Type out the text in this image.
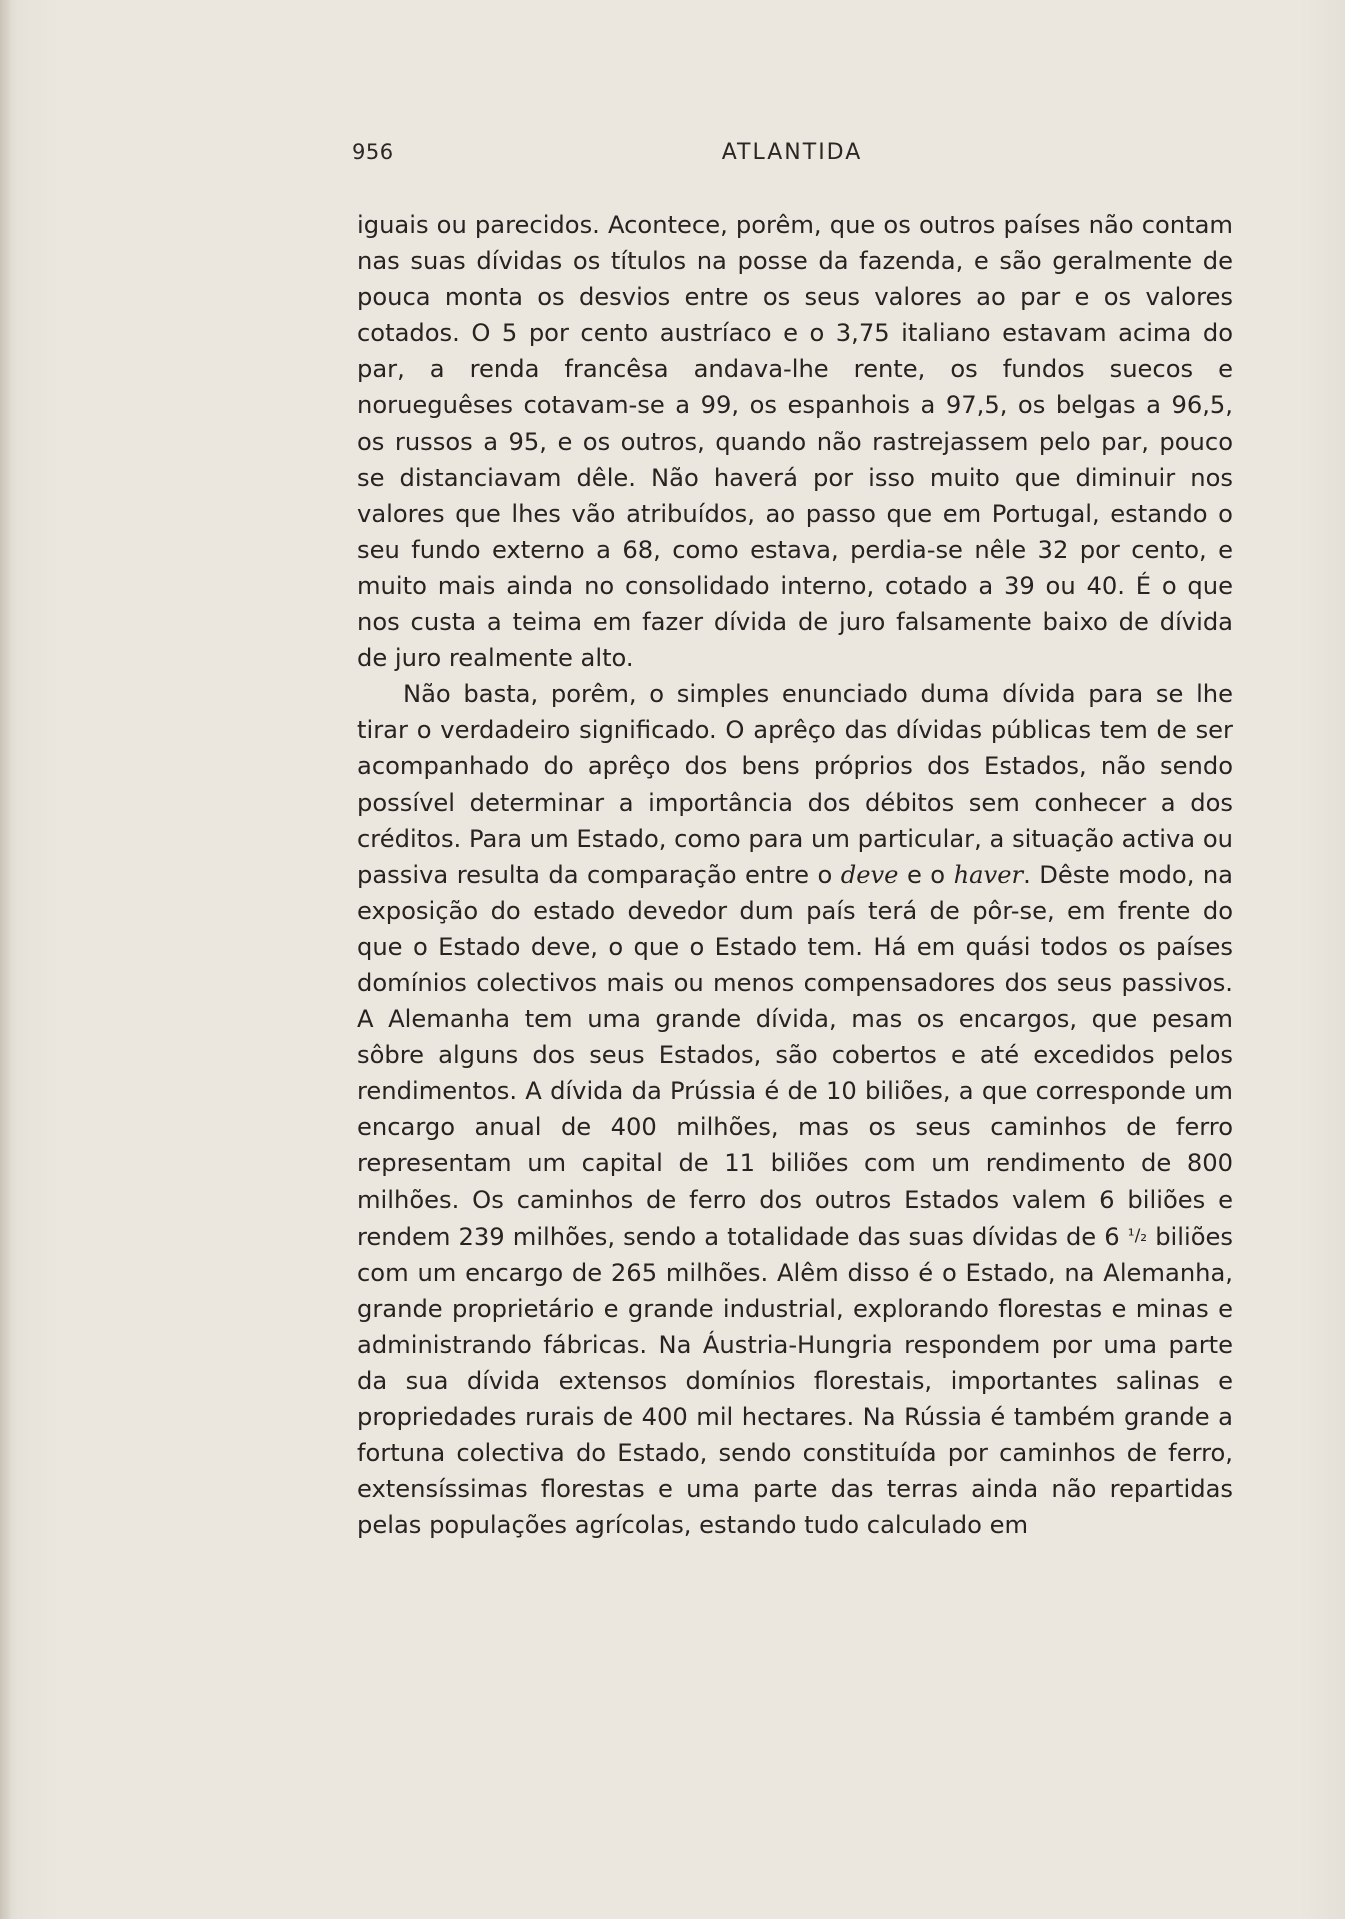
956	ATLANTIDA

iguais ou parecidos. Acontece, porêm, que os outros países não contam nas suas dívidas os títulos na posse da fazenda, e são geralmente de pouca monta os desvios entre os seus valores ao par e os valores cotados. O 5 por cento austríaco e o 3,75 italiano estavam acima do par, a renda francêsa andava-lhe rente, os fundos suecos e norueguêses cotavam-se a 99, os espanhois a 97,5, os belgas a 96,5, os russos a 95, e os outros, quando não rastrejassem pelo par, pouco se distanciavam dêle. Não haverá por isso muito que diminuir nos valores que lhes vão atribuídos, ao passo que em Portugal, estando o seu fundo externo a 68, como estava, perdia-se nêle 32 por cento, e muito mais ainda no consolidado interno, cotado a 39 ou 40. É o que nos custa a teima em fazer dívida de juro falsamente baixo de dívida de juro realmente alto.

Não basta, porêm, o simples enunciado duma dívida para se lhe tirar o verdadeiro significado. O aprêço das dívidas públicas tem de ser acompanhado do aprêço dos bens próprios dos Estados, não sendo possível determinar a importância dos débitos sem conhecer a dos créditos. Para um Estado, como para um particular, a situação activa ou passiva resulta da comparação entre o deve e o haver. Dêste modo, na exposição do estado devedor dum país terá de pôr-se, em frente do que o Estado deve, o que o Estado tem. Há em quási todos os países domínios colectivos mais ou menos compensadores dos seus passivos. A Alemanha tem uma grande dívida, mas os encargos, que pesam sôbre alguns dos seus Estados, são cobertos e até excedidos pelos rendimentos. A dívida da Prússia é de 10 biliões, a que corresponde um encargo anual de 400 milhões, mas os seus caminhos de ferro representam um capital de 11 biliões com um rendimento de 800 milhões. Os caminhos de ferro dos outros Estados valem 6 biliões e rendem 239 milhões, sendo a totalidade das suas dívidas de 6 ¹/₂ biliões com um encargo de 265 milhões. Alêm disso é o Estado, na Alemanha, grande proprietário e grande industrial, explorando florestas e minas e administrando fábricas. Na Áustria-Hungria respondem por uma parte da sua dívida extensos domínios florestais, importantes salinas e propriedades rurais de 400 mil hectares. Na Rússia é também grande a fortuna colectiva do Estado, sendo constituída por caminhos de ferro, extensíssimas florestas e uma parte das terras ainda não repartidas pelas populações agrícolas, estando tudo calculado em
